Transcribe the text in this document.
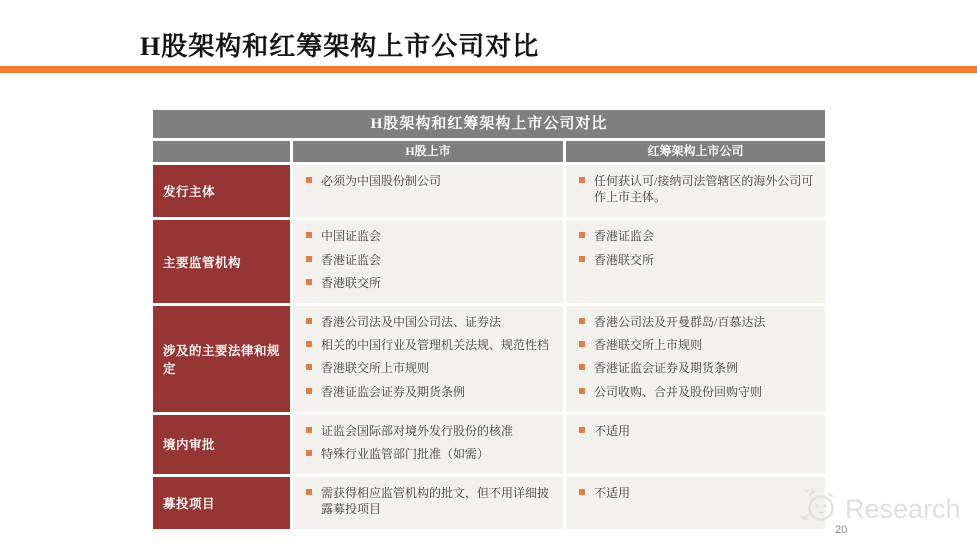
H股架构和红筹架构上市公司对比
H股架构和红筹架构上市公司对比
H股上市	红筹架构上市公司
发行主体
必须为中国股份制公司	任何获认可/接纳司法管辖区的海外公司可作上市主体。
主要监管机构
中国证监会
香港证监会
香港联交所
香港证监会
香港联交所
涉及的主要法律和规定
香港公司法及中国公司法、证券法
相关的中国行业及管理机关法规、规范性档
香港联交所上市规则
香港证监会证券及期货条例
香港公司法及开曼群岛/百慕达法
香港联交所上市规则
香港证监会证券及期货条例
公司收购、合并及股份回购守则
境内审批
证监会国际部对境外发行股份的核准
特殊行业监管部门批准（如需）
不适用
募投项目
需获得相应监管机构的批文，但不用详细披露募投项目
不适用
Research
20
